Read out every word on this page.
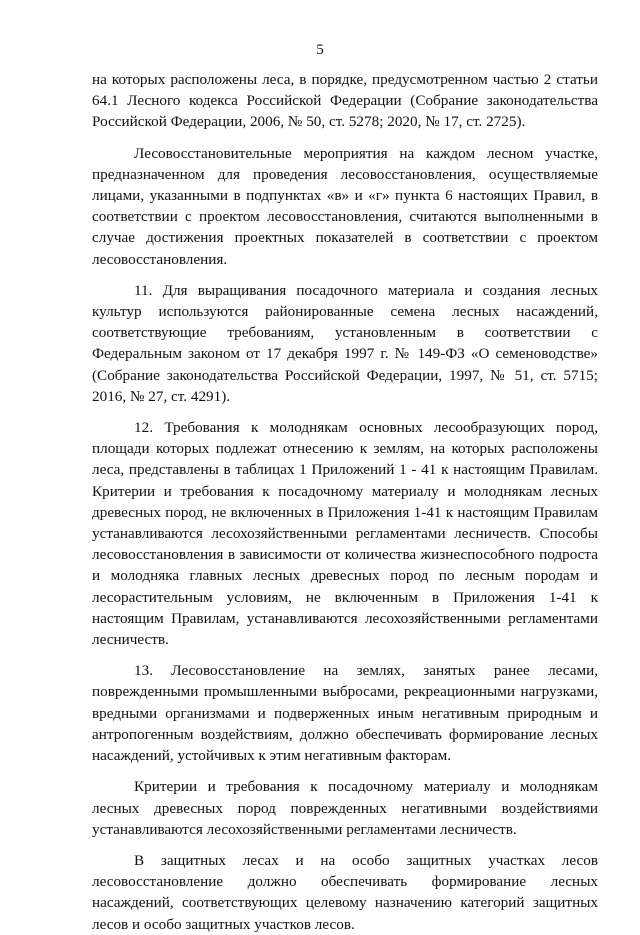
5

на которых расположены леса, в порядке, предусмотренном частью 2 статьи 64.1 Лесного кодекса Российской Федерации (Собрание законодательства Российской Федерации, 2006, № 50, ст. 5278; 2020, № 17, ст. 2725).

Лесовосстановительные мероприятия на каждом лесном участке, предназначенном для проведения лесовосстановления, осуществляемые лицами, указанными в подпунктах «в» и «г» пункта 6 настоящих Правил, в соответствии с проектом лесовосстановления, считаются выполненными в случае достижения проектных показателей в соответствии с проектом лесовосстановления.

11. Для выращивания посадочного материала и создания лесных культур используются районированные семена лесных насаждений, соответствующие требованиям, установленным в соответствии с Федеральным законом от 17 декабря 1997 г. № 149-ФЗ «О семеноводстве» (Собрание законодательства Российской Федерации, 1997, № 51, ст. 5715; 2016, № 27, ст. 4291).

12. Требования к молоднякам основных лесообразующих пород, площади которых подлежат отнесению к землям, на которых расположены леса, представлены в таблицах 1 Приложений 1 - 41 к настоящим Правилам. Критерии и требования к посадочному материалу и молоднякам лесных древесных пород, не включенных в Приложения 1-41 к настоящим Правилам устанавливаются лесохозяйственными регламентами лесничеств. Способы лесовосстановления в зависимости от количества жизнеспособного подроста и молодняка главных лесных древесных пород по лесным породам и лесорастительным условиям, не включенным в Приложения 1-41 к настоящим Правилам, устанавливаются лесохозяйственными регламентами лесничеств.

13. Лесовосстановление на землях, занятых ранее лесами, поврежденными промышленными выбросами, рекреационными нагрузками, вредными организмами и подверженных иным негативным природным и антропогенным воздействиям, должно обеспечивать формирование лесных насаждений, устойчивых к этим негативным факторам.

Критерии и требования к посадочному материалу и молоднякам лесных древесных пород поврежденных негативными воздействиями устанавливаются лесохозяйственными регламентами лесничеств.

В защитных лесах и на особо защитных участках лесов лесовосстановление должно обеспечивать формирование лесных насаждений, соответствующих целевому назначению категорий защитных лесов и особо защитных участков лесов.
